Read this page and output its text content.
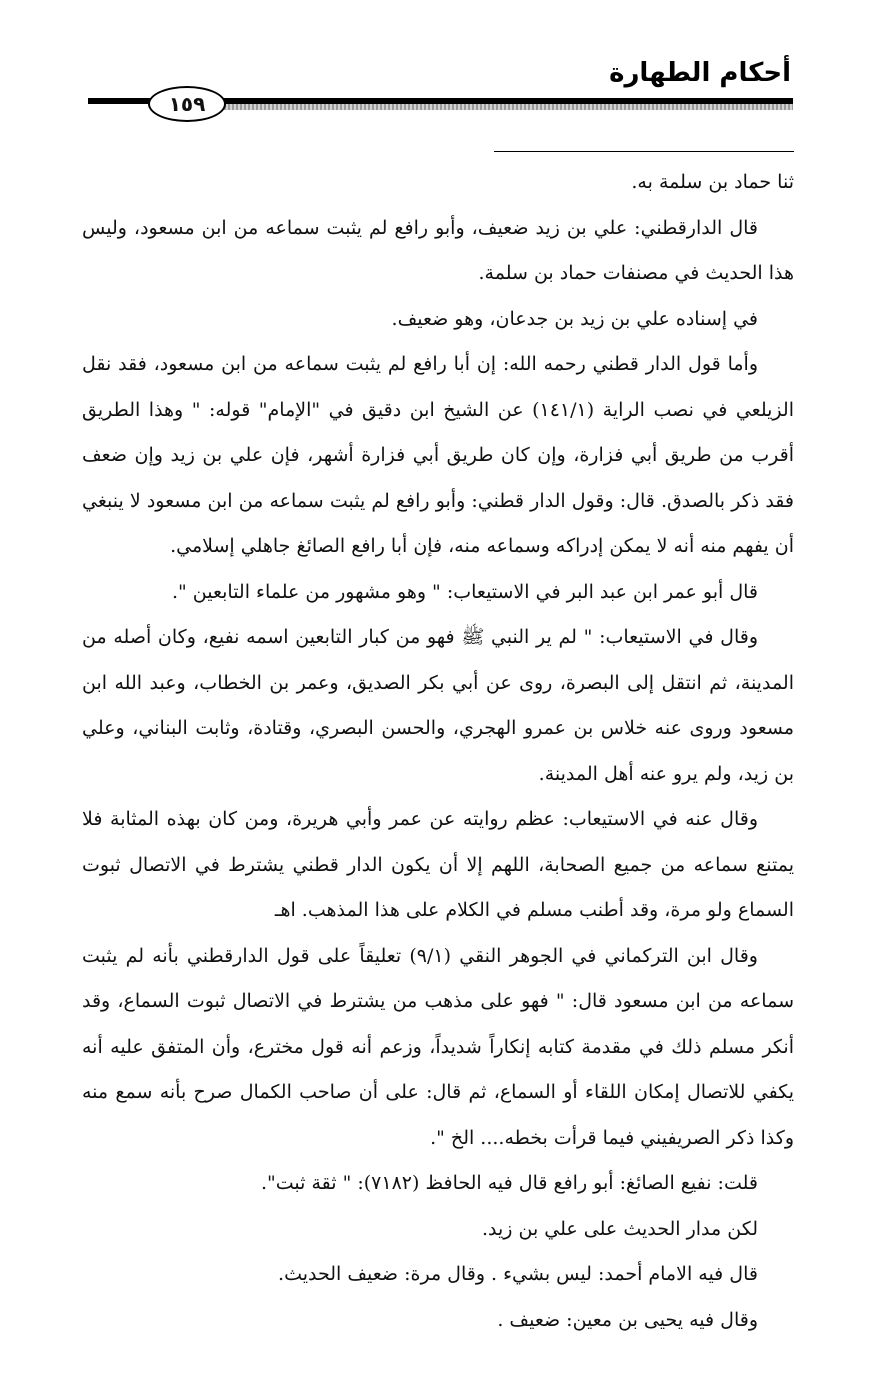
أحكام الطهارة
١٥٩

ثنا حماد بن سلمة به.

قال الدارقطني: علي بن زيد ضعيف، وأبو رافع لم يثبت سماعه من ابن مسعود، وليس هذا الحديث في مصنفات حماد بن سلمة.

في إسناده علي بن زيد بن جدعان، وهو ضعيف.

وأما قول الدار قطني رحمه الله: إن أبا رافع لم يثبت سماعه من ابن مسعود، فقد نقل الزيلعي في نصب الراية (١٤١/١) عن الشيخ ابن دقيق في "الإمام" قوله: " وهذا الطريق أقرب من طريق أبي فزارة، وإن كان طريق أبي فزارة أشهر، فإن علي بن زيد وإن ضعف فقد ذكر بالصدق. قال: وقول الدار قطني: وأبو رافع لم يثبت سماعه من ابن مسعود لا ينبغي أن يفهم منه أنه لا يمكن إدراكه وسماعه منه، فإن أبا رافع الصائغ جاهلي إسلامي.

قال أبو عمر ابن عبد البر في الاستيعاب: " وهو مشهور من علماء التابعين ".

وقال في الاستيعاب: " لم ير النبي ﷺ فهو من كبار التابعين اسمه نفيع، وكان أصله من المدينة، ثم انتقل إلى البصرة، روى عن أبي بكر الصديق، وعمر بن الخطاب، وعبد الله ابن مسعود وروى عنه خلاس بن عمرو الهجري، والحسن البصري، وقتادة، وثابت البناني، وعلي بن زيد، ولم يرو عنه أهل المدينة.

وقال عنه في الاستيعاب: عظم روايته عن عمر وأبي هريرة، ومن كان بهذه المثابة فلا يمتنع سماعه من جميع الصحابة، اللهم إلا أن يكون الدار قطني يشترط في الاتصال ثبوت السماع ولو مرة، وقد أطنب مسلم في الكلام على هذا المذهب. اهـ

وقال ابن التركماني في الجوهر النقي (٩/١) تعليقاً على قول الدارقطني بأنه لم يثبت سماعه من ابن مسعود قال: " فهو على مذهب من يشترط في الاتصال ثبوت السماع، وقد أنكر مسلم ذلك في مقدمة كتابه إنكاراً شديداً، وزعم أنه قول مخترع، وأن المتفق عليه أنه يكفي للاتصال إمكان اللقاء أو السماع، ثم قال: على أن صاحب الكمال صرح بأنه سمع منه وكذا ذكر الصريفيني فيما قرأت بخطه.... الخ ".

قلت: نفيع الصائغ: أبو رافع قال فيه الحافظ (٧١٨٢): " ثقة ثبت".

لكن مدار الحديث على علي بن زيد.

قال فيه الامام أحمد: ليس بشيء . وقال مرة: ضعيف الحديث.

وقال فيه يحيى بن معين: ضعيف .
